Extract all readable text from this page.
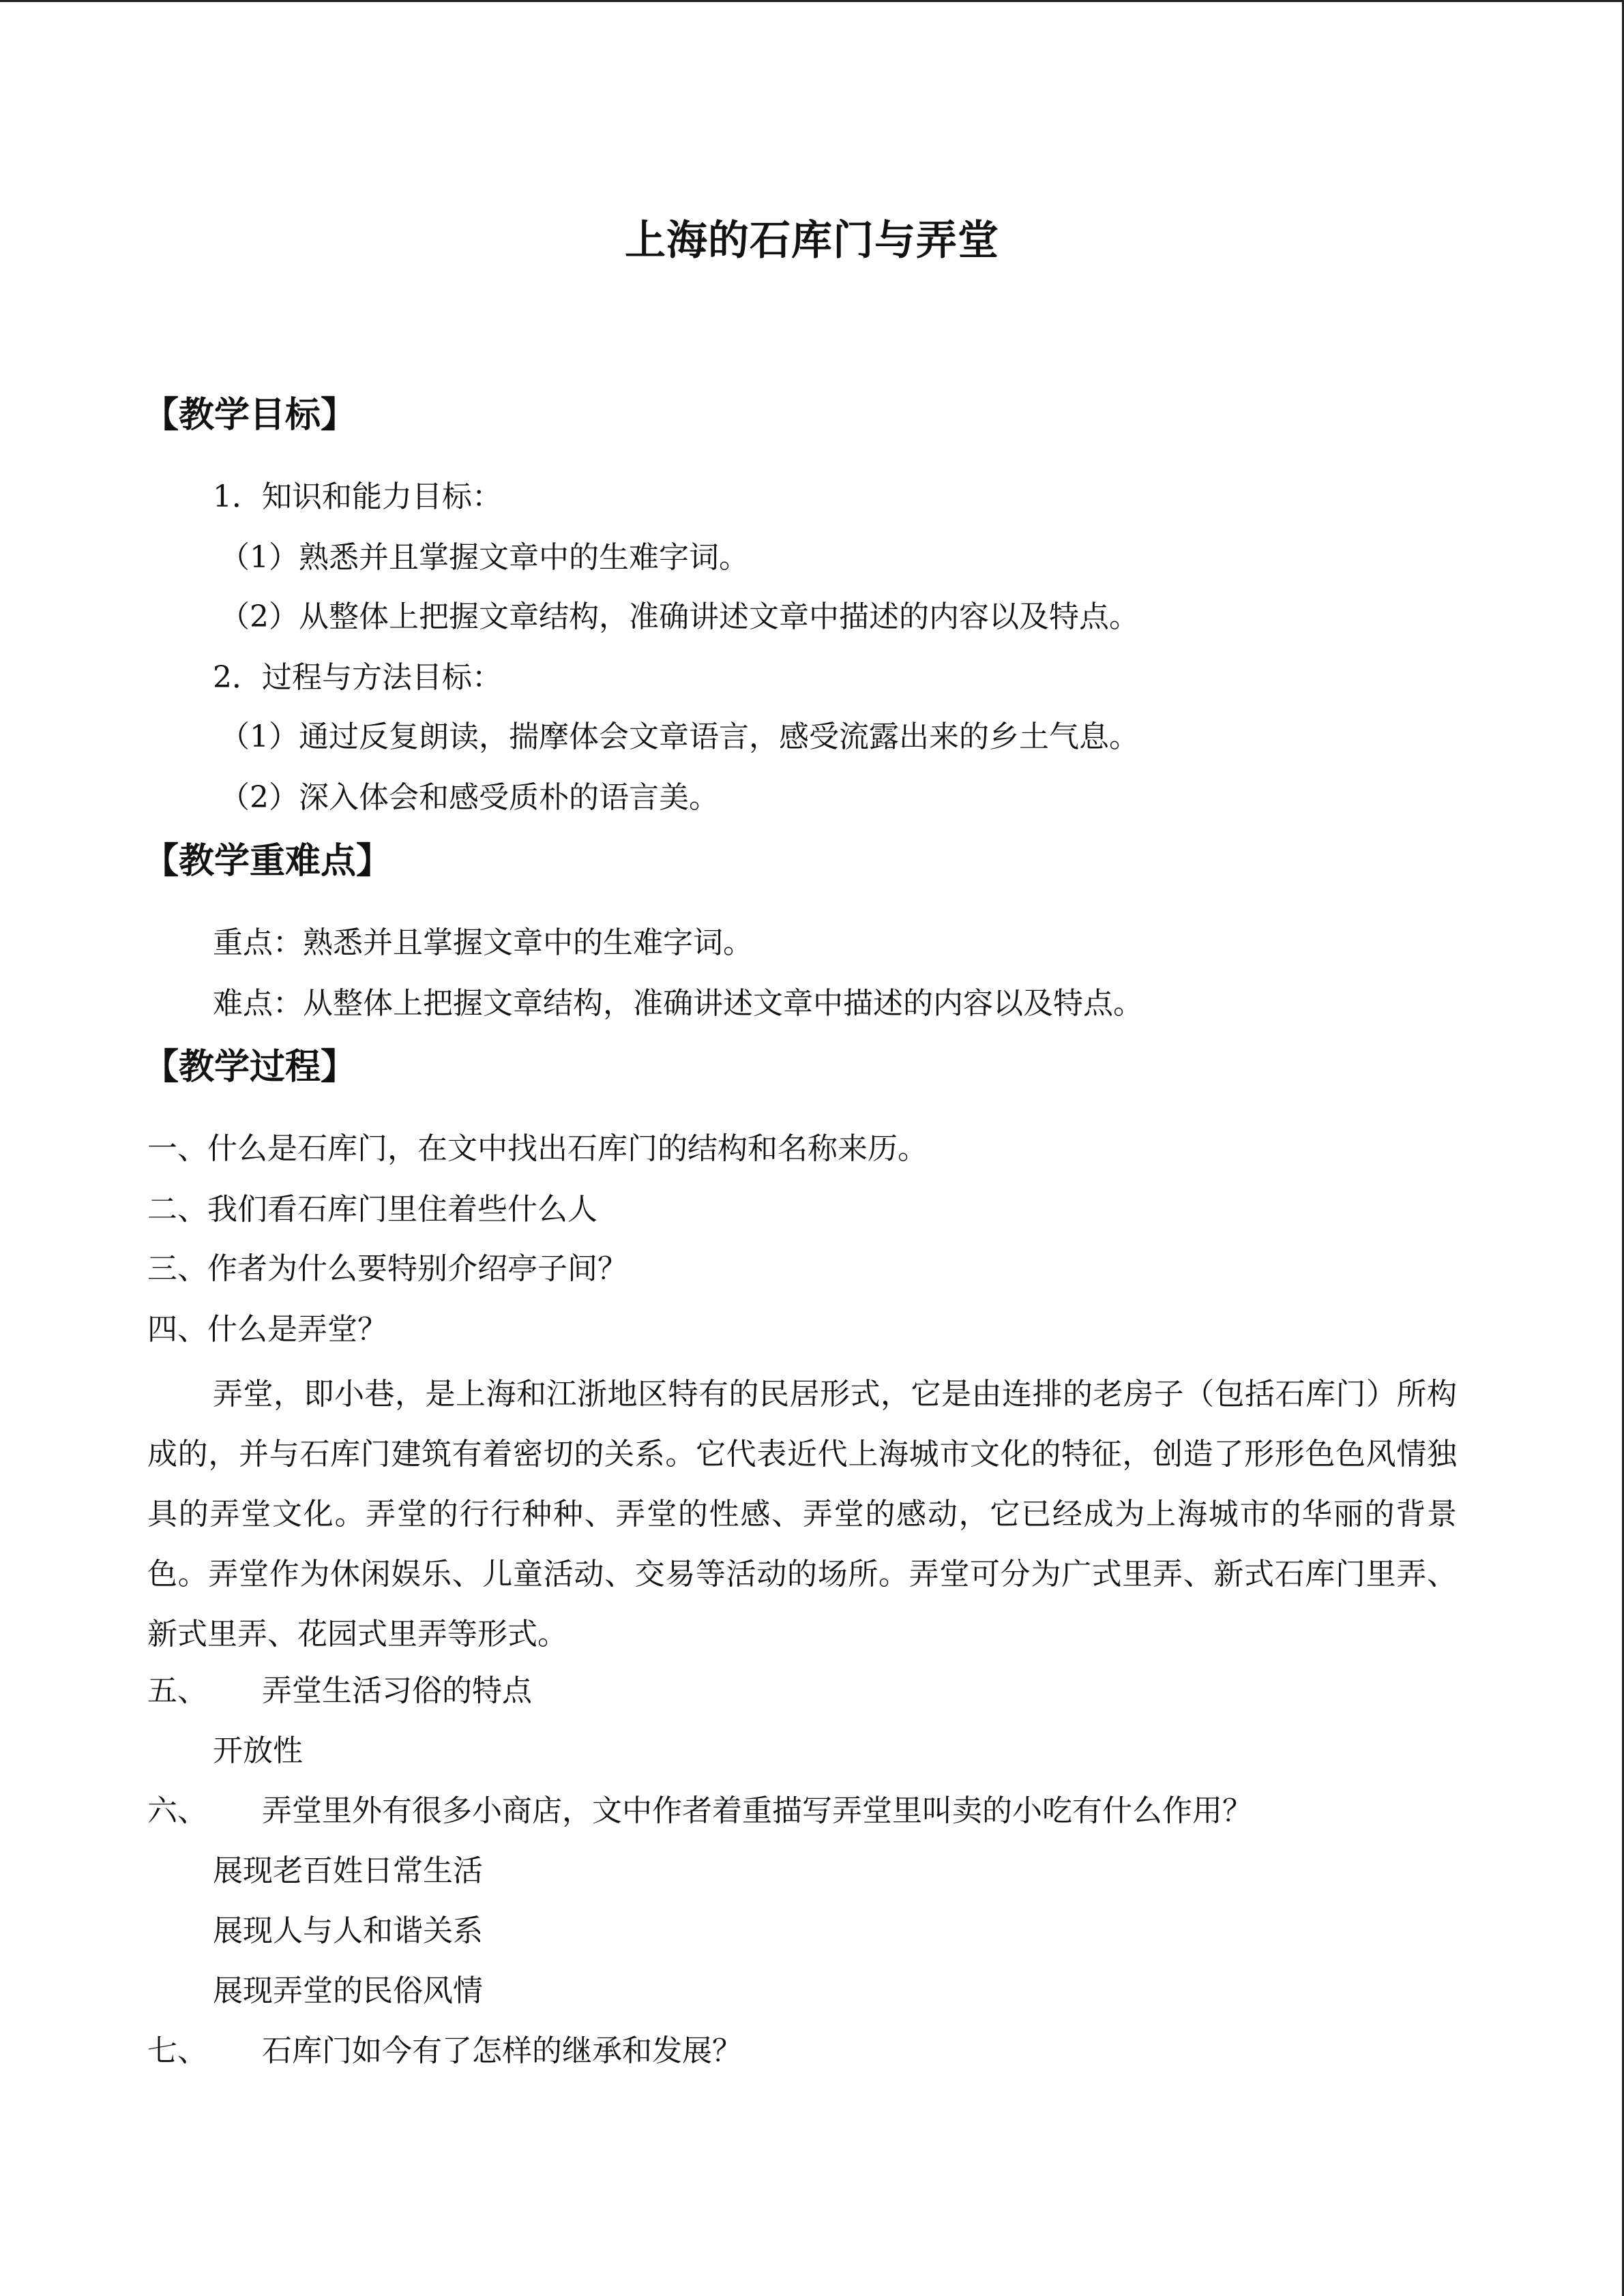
上海的石库门与弄堂
【教学目标】
1．知识和能力目标：
（1）熟悉并且掌握文章中的生难字词。
（2）从整体上把握文章结构，准确讲述文章中描述的内容以及特点。
2．过程与方法目标：
（1）通过反复朗读，揣摩体会文章语言，感受流露出来的乡土气息。
（2）深入体会和感受质朴的语言美。
【教学重难点】
重点：熟悉并且掌握文章中的生难字词。
难点：从整体上把握文章结构，准确讲述文章中描述的内容以及特点。
【教学过程】
一、什么是石库门，在文中找出石库门的结构和名称来历。
二、我们看石库门里住着些什么人
三、作者为什么要特别介绍亭子间？
四、什么是弄堂？

弄堂，即小巷，是上海和江浙地区特有的民居形式，它是由连排的老房子（包括石库门）所构成的，并与石库门建筑有着密切的关系。它代表近代上海城市文化的特征，创造了形形色色风情独具的弄堂文化。弄堂的行行种种、弄堂的性感、弄堂的感动，它已经成为上海城市的华丽的背景色。弄堂作为休闲娱乐、儿童活动、交易等活动的场所。弄堂可分为广式里弄、新式石库门里弄、新式里弄、花园式里弄等形式。

五、 弄堂生活习俗的特点
开放性
六、 弄堂里外有很多小商店，文中作者着重描写弄堂里叫卖的小吃有什么作用？
展现老百姓日常生活
展现人与人和谐关系
展现弄堂的民俗风情
七、 石库门如今有了怎样的继承和发展？
